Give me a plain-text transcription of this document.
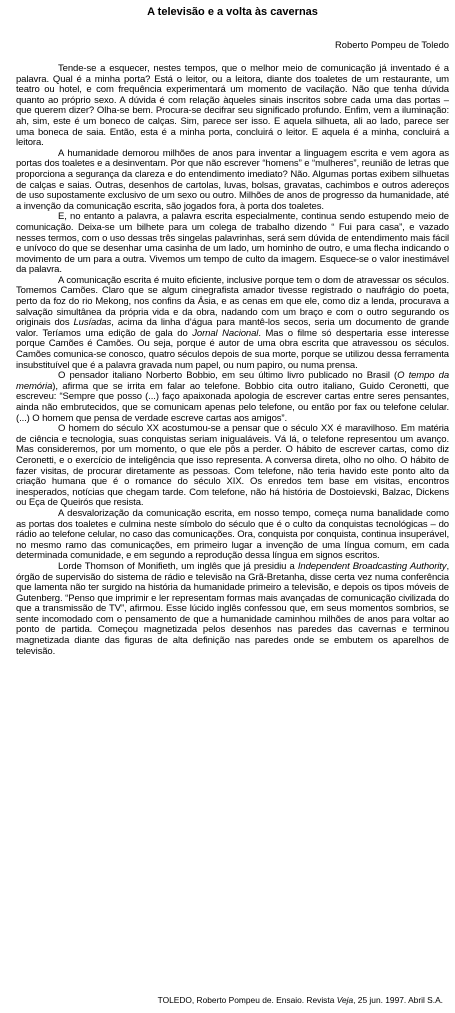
A televisão e a volta às cavernas
Roberto Pompeu de Toledo

Tende-se a esquecer, nestes tempos, que o melhor meio de comunicação já inventado é a palavra. Qual é a minha porta? Está o leitor, ou a leitora, diante dos toaletes de um restaurante, um teatro ou hotel, e com frequência experimentará um momento de vacilação. Não que tenha dúvida quanto ao próprio sexo. A dúvida é com relação àqueles sinais inscritos sobre cada uma das portas – que querem dizer? Olha-se bem. Procura-se decifrar seu significado profundo. Enfim, vem a iluminação: ah, sim, este é um boneco de calças. Sim, parece ser isso. E aquela silhueta, ali ao lado, parece ser uma boneca de saia. Então, esta é a minha porta, concluirá o leitor. E aquela é a minha, concluirá a leitora.

A humanidade demorou milhões de anos para inventar a linguagem escrita e vem agora as portas dos toaletes e a desinventam. Por que não escrever “homens” e “mulheres”, reunião de letras que proporciona a segurança da clareza e do entendimento imediato? Não. Algumas portas exibem silhuetas de calças e saias. Outras, desenhos de cartolas, luvas, bolsas, gravatas, cachimbos e outros adereços de uso supostamente exclusivo de um sexo ou outro. Milhões de anos de progresso da humanidade, até a invenção da comunicação escrita, são jogados fora, à porta dos toaletes.

E, no entanto a palavra, a palavra escrita especialmente, continua sendo estupendo meio de comunicação. Deixa-se um bilhete para um colega de trabalho dizendo “ Fui para casa”, e vazado nesses termos, com o uso dessas três singelas palavrinhas, será sem dúvida de entendimento mais fácil e unívoco do que se desenhar uma casinha de um lado, um hominho de outro, e uma flecha indicando o movimento de um para a outra. Vivemos um tempo de culto da imagem. Esquece-se o valor inestimável da palavra.

A comunicação escrita é muito eficiente, inclusive porque tem o dom de atravessar os séculos. Tomemos Camões. Claro que se algum cinegrafista amador tivesse registrado o naufrágio do poeta, perto da foz do rio Mekong, nos confins da Ásia, e as cenas em que ele, como diz a lenda, procurava a salvação simultânea da própria vida e da obra, nadando com um braço e com o outro segurando os originais dos Lusíadas, acima da linha d’água para mantê-los secos, seria um documento de grande valor. Teríamos uma edição de gala do Jornal Nacional. Mas o filme só despertaria esse interesse porque Camões é Camões. Ou seja, porque é autor de uma obra escrita que atravessou os séculos. Camões comunica-se conosco, quatro séculos depois de sua morte, porque se utilizou dessa ferramenta insubstituível que é a palavra gravada num papel, ou num papiro, ou numa prensa.

O pensador italiano Norberto Bobbio, em seu último livro publicado no Brasil (O tempo da memória), afirma que se irrita em falar ao telefone. Bobbio cita outro italiano, Guido Ceronetti, que escreveu: “Sempre que posso (...) faço apaixonada apologia de escrever cartas entre seres pensantes, ainda não embrutecidos, que se comunicam apenas pelo telefone, ou então por fax ou telefone celular. (...) O homem que pensa de verdade escreve cartas aos amigos”.

O homem do século XX acostumou-se a pensar que o século XX é maravilhoso. Em matéria de ciência e tecnologia, suas conquistas seriam inigualáveis. Vá lá, o telefone representou um avanço. Mas consideremos, por um momento, o que ele pôs a perder. O hábito de escrever cartas, como diz Ceronetti, e o exercício de inteligência que isso representa. A conversa direta, olho no olho. O hábito de fazer visitas, de procurar diretamente as pessoas. Com telefone, não teria havido este ponto alto da criação humana que é o romance do século XIX. Os enredos tem base em visitas, encontros inesperados, notícias que chegam tarde. Com telefone, não há história de Dostoievski, Balzac, Dickens ou Eça de Queirós que resista.

A desvalorização da comunicação escrita, em nosso tempo, começa numa banalidade como as portas dos toaletes e culmina neste símbolo do século que é o culto da conquistas tecnológicas – do rádio ao telefone celular, no caso das comunicações. Ora, conquista por conquista, continua insuperável, no mesmo ramo das comunicações, em primeiro lugar a invenção de uma língua comum, em cada determinada comunidade, e em segundo a reprodução dessa língua em signos escritos.

Lorde Thomson of Monifieth, um inglês que já presidiu a Independent Broadcasting Authority, órgão de supervisão do sistema de rádio e televisão na Grã-Bretanha, disse certa vez numa conferência que lamenta não ter surgido na história da humanidade primeiro a televisão, e depois os tipos móveis de Gutenberg. “Penso que imprimir e ler representam formas mais avançadas de comunicação civilizada do que a transmissão de TV”, afirmou. Esse lúcido inglês confessou que, em seus momentos sombrios, se sente incomodado com o pensamento de que a humanidade caminhou milhões de anos para voltar ao ponto de partida. Começou magnetizada pelos desenhos nas paredes das cavernas e terminou magnetizada diante das figuras de alta definição nas paredes onde se embutem os aparelhos de televisão.

TOLEDO, Roberto Pompeu de. Ensaio. Revista Veja, 25 jun. 1997. Abril S.A.
